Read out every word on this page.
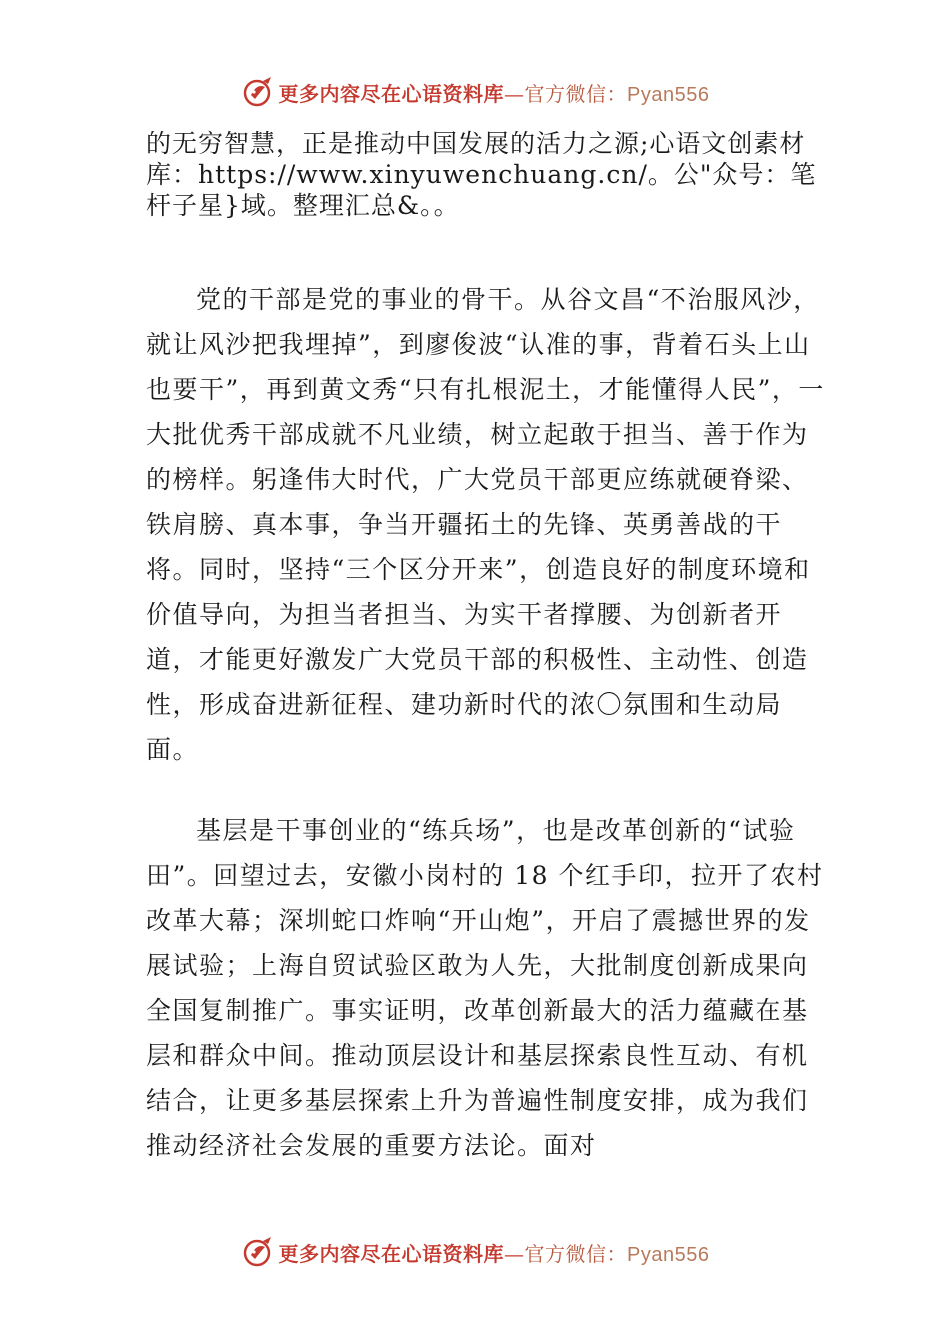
更多内容尽在心语资料库—官方微信：Pyan556

的无穷智慧，正是推动中国发展的活力之源;心语文创素材库：https://www.xinyuwenchuang.cn/。公"众号：笔杆子星}域。整理汇总&。。

党的干部是党的事业的骨干。从谷文昌“不治服风沙，就让风沙把我埋掉”，到廖俊波“认准的事，背着石头上山也要干”，再到黄文秀“只有扎根泥土，才能懂得人民”，一大批优秀干部成就不凡业绩，树立起敢于担当、善于作为的榜样。躬逢伟大时代，广大党员干部更应练就硬脊梁、铁肩膀、真本事，争当开疆拓土的先锋、英勇善战的干将。同时，坚持“三个区分开来”，创造良好的制度环境和价值导向，为担当者担当、为实干者撑腰、为创新者开道，才能更好激发广大党员干部的积极性、主动性、创造性，形成奋进新征程、建功新时代的浓〇氛围和生动局面。

基层是干事创业的“练兵场”，也是改革创新的“试验田”。回望过去，安徽小岗村的 18 个红手印，拉开了农村改革大幕；深圳蛇口炸响“开山炮”，开启了震撼世界的发展试验；上海自贸试验区敢为人先，大批制度创新成果向全国复制推广。事实证明，改革创新最大的活力蕴藏在基层和群众中间。推动顶层设计和基层探索良性互动、有机结合，让更多基层探索上升为普遍性制度安排，成为我们推动经济社会发展的重要方法论。面对

更多内容尽在心语资料库—官方微信：Pyan556
